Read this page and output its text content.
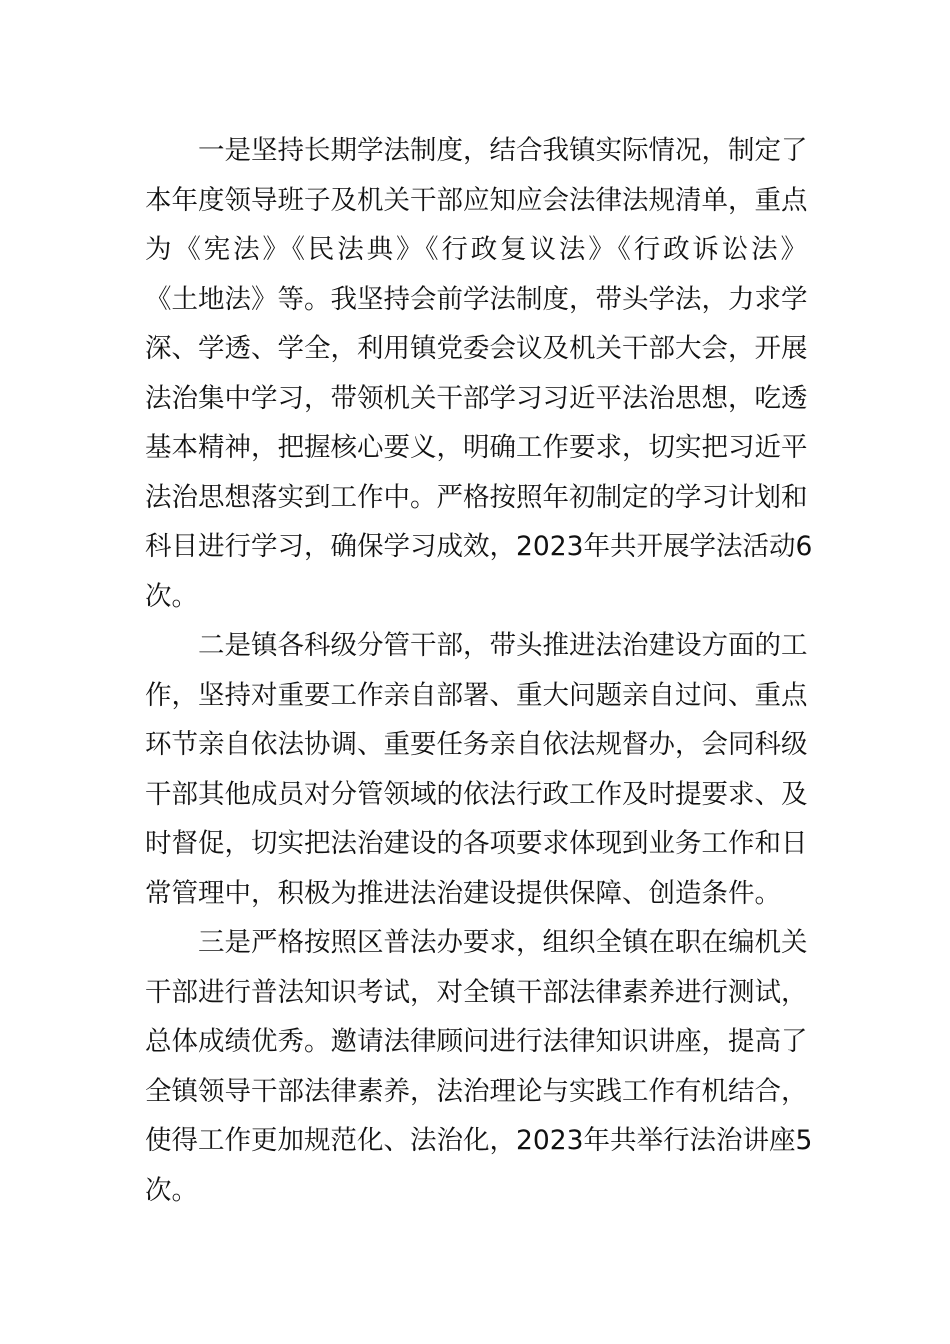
一是坚持长期学法制度，结合我镇实际情况，制定了
本年度领导班子及机关干部应知应会法律法规清单，重点
为《宪法》《民法典》《行政复议法》《行政诉讼法》
《土地法》等。我坚持会前学法制度，带头学法，力求学
深、学透、学全，利用镇党委会议及机关干部大会，开展
法治集中学习，带领机关干部学习习近平法治思想，吃透
基本精神，把握核心要义，明确工作要求，切实把习近平
法治思想落实到工作中。严格按照年初制定的学习计划和
科目进行学习，确保学习成效，2023年共开展学法活动6
次。
二是镇各科级分管干部，带头推进法治建设方面的工
作，坚持对重要工作亲自部署、重大问题亲自过问、重点
环节亲自依法协调、重要任务亲自依法规督办，会同科级
干部其他成员对分管领域的依法行政工作及时提要求、及
时督促，切实把法治建设的各项要求体现到业务工作和日
常管理中，积极为推进法治建设提供保障、创造条件。
三是严格按照区普法办要求，组织全镇在职在编机关
干部进行普法知识考试，对全镇干部法律素养进行测试，
总体成绩优秀。邀请法律顾问进行法律知识讲座，提高了
全镇领导干部法律素养，法治理论与实践工作有机结合，
使得工作更加规范化、法治化，2023年共举行法治讲座5
次。
